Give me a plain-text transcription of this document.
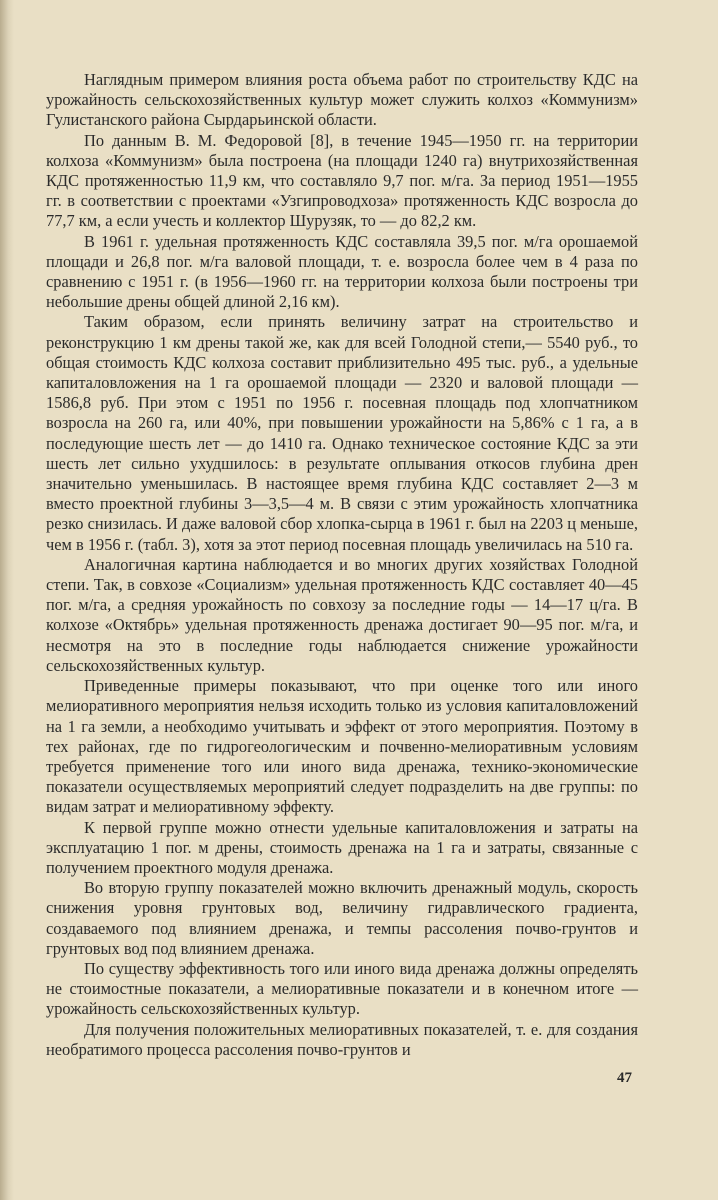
Наглядным примером влияния роста объема работ по строительству КДС на урожайность сельскохозяйственных культур может служить колхоз «Коммунизм» Гулистанского района Сырдарьинской области.

По данным В. М. Федоровой [8], в течение 1945—1950 гг. на территории колхоза «Коммунизм» была построена (на площади 1240 га) внутрихозяйственная КДС протяженностью 11,9 км, что составляло 9,7 пог. м/га. За период 1951—1955 гг. в соответствии с проектами «Узгипроводхоза» протяженность КДС возросла до 77,7 км, а если учесть и коллектор Шурузяк, то — до 82,2 км.

В 1961 г. удельная протяженность КДС составляла 39,5 пог. м/га орошаемой площади и 26,8 пог. м/га валовой площади, т. е. возросла более чем в 4 раза по сравнению с 1951 г. (в 1956—1960 гг. на территории колхоза были построены три небольшие дрены общей длиной 2,16 км).

Таким образом, если принять величину затрат на строительство и реконструкцию 1 км дрены такой же, как для всей Голодной степи,— 5540 руб., то общая стоимость КДС колхоза составит приблизительно 495 тыс. руб., а удельные капиталовложения на 1 га орошаемой площади — 2320 и валовой площади — 1586,8 руб. При этом с 1951 по 1956 г. посевная площадь под хлопчатником возросла на 260 га, или 40%, при повышении урожайности на 5,86% с 1 га, а в последующие шесть лет — до 1410 га. Однако техническое состояние КДС за эти шесть лет сильно ухудшилось: в результате оплывания откосов глубина дрен значительно уменьшилась. В настоящее время глубина КДС составляет 2—3 м вместо проектной глубины 3—3,5—4 м. В связи с этим урожайность хлопчатника резко снизилась. И даже валовой сбор хлопка-сырца в 1961 г. был на 2203 ц меньше, чем в 1956 г. (табл. 3), хотя за этот период посевная площадь увеличилась на 510 га.

Аналогичная картина наблюдается и во многих других хозяйствах Голодной степи. Так, в совхозе «Социализм» удельная протяженность КДС составляет 40—45 пог. м/га, а средняя урожайность по совхозу за последние годы — 14—17 ц/га. В колхозе «Октябрь» удельная протяженность дренажа достигает 90—95 пог. м/га, и несмотря на это в последние годы наблюдается снижение урожайности сельскохозяйственных культур.

Приведенные примеры показывают, что при оценке того или иного мелиоративного мероприятия нельзя исходить только из условия капиталовложений на 1 га земли, а необходимо учитывать и эффект от этого мероприятия. Поэтому в тех районах, где по гидрогеологическим и почвенно-мелиоративным условиям требуется применение того или иного вида дренажа, технико-экономические показатели осуществляемых мероприятий следует подразделить на две группы: по видам затрат и мелиоративному эффекту.

К первой группе можно отнести удельные капиталовложения и затраты на эксплуатацию 1 пог. м дрены, стоимость дренажа на 1 га и затраты, связанные с получением проектного модуля дренажа.

Во вторую группу показателей можно включить дренажный модуль, скорость снижения уровня грунтовых вод, величину гидравлического градиента, создаваемого под влиянием дренажа, и темпы рассоления почво-грунтов и грунтовых вод под влиянием дренажа.

По существу эффективность того или иного вида дренажа должны определять не стоимостные показатели, а мелиоративные показатели и в конечном итоге — урожайность сельскохозяйственных культур.

Для получения положительных мелиоративных показателей, т. е. для создания необратимого процесса рассоления почво-грунтов и

47
